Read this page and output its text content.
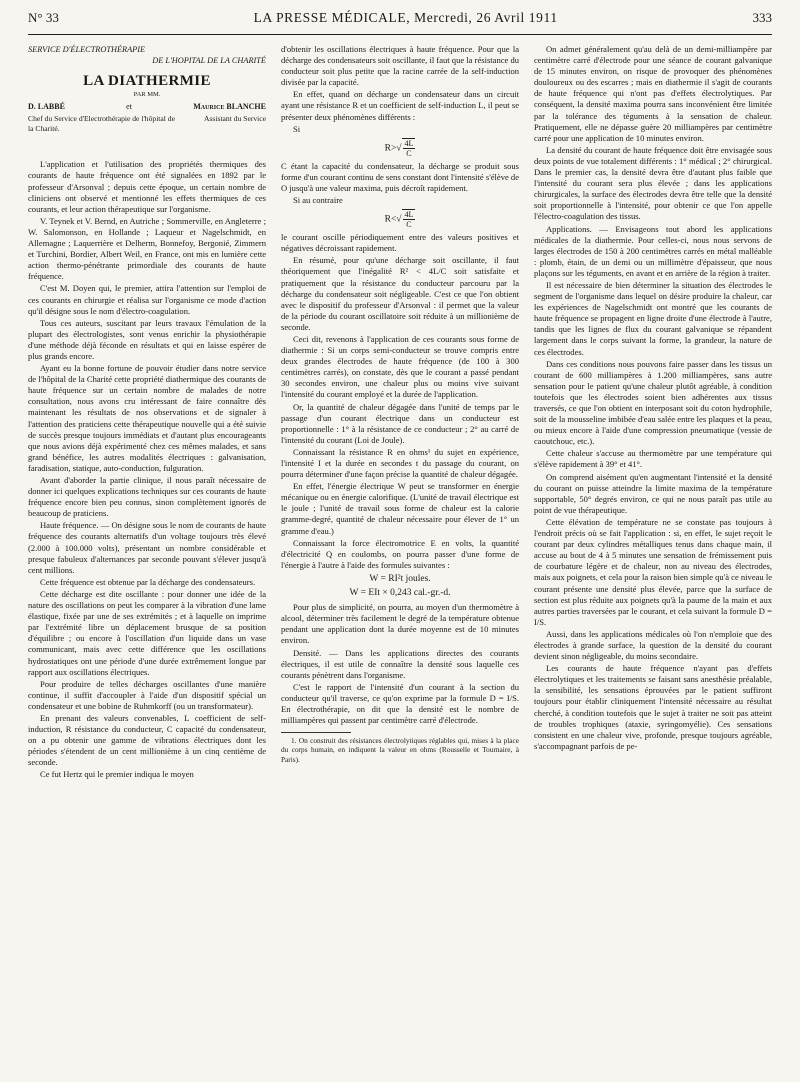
N° 33	LA PRESSE MÉDICALE, Mercredi, 26 Avril 1911	333
SERVICE D'ÉLECTROTHÉRAPIE
DE L'HOPITAL DE LA CHARITÉ
LA DIATHERMIE
PAR MM.
D. LABBÉ	et	Maurice BLANCHE
Chef du Service d'Electrothérapie de l'hôpital de la Charité.
Assistant du Service

L'application et l'utilisation des propriétés thermiques des courants de haute fréquence ont été signalées en 1892 par le professeur d'Arsonval ; depuis cette époque, un certain nombre de cliniciens ont observé et mentionné les effets thermiques de ces courants, et leur action thérapeutique sur l'organisme.

V. Teynek et V. Bernd, en Autriche ; Sommerville, en Angleterre ; W. Salomonson, en Hollande ; Laqueur et Nagelschmidt, en Allemagne ; Laquerrière et Delherm, Bonnefoy, Bergonié, Zimmern et Turchini, Bordier, Albert Weil, en France, ont mis en lumière cette action thermo-pénétrante primordiale des courants de haute fréquence.

C'est M. Doyen qui, le premier, attira l'attention sur l'emploi de ces courants en chirurgie et réalisa sur l'organisme ce mode d'action qu'il désigne sous le nom d'électro-coagulation.

Tous ces auteurs, suscitant par leurs travaux l'émulation de la plupart des électrologistes, sont venus enrichir la physiothérapie d'une méthode déjà féconde en résultats et qui en laisse espérer de plus grands encore.

Ayant eu la bonne fortune de pouvoir étudier dans notre service de l'hôpital de la Charité cette propriété diathermique des courants de haute fréquence sur un certain nombre de malades de notre consultation, nous avons cru intéressant de faire connaître dès maintenant les résultats de nos observations et de signaler à l'attention des praticiens cette thérapeutique nouvelle qui a été suivie de succès presque toujours immédiats et d'autant plus encourageants que nous avions déjà expérimenté chez ces mêmes malades, et sans grand bénéfice, les autres modalités électriques : galvanisation, faradisation, statique, auto-conduction, fulguration.

Avant d'aborder la partie clinique, il nous paraît nécessaire de donner ici quelques explications techniques sur ces courants de haute fréquence encore bien peu connus, sinon complètement ignorés de beaucoup de praticiens.

Haute fréquence. — On désigne sous le nom de courants de haute fréquence des courants alternatifs d'un voltage toujours très élevé (2.000 à 100.000 volts), présentant un nombre considérable et presque fabuleux d'alternances par seconde pouvant s'élever jusqu'à cent millions.

Cette fréquence est obtenue par la décharge des condensateurs.

Cette décharge est dite oscillante : pour donner une idée de la nature des oscillations on peut les comparer à la vibration d'une lame élastique, fixée par une de ses extrémités ; et à laquelle on imprime par l'extrémité libre un déplacement brusque de sa position d'équilibre ; ou encore à l'oscillation d'un liquide dans un vase communicant, mais avec cette différence que les oscillations hydrostatiques ont une période d'une durée extrêmement longue par rapport aux oscillations électriques.

Pour produire de telles décharges oscillantes d'une manière continue, il suffit d'accoupler à l'aide d'un dispositif spécial un condensateur et une bobine de Ruhmkorff (ou un transformateur).

En prenant des valeurs convenables, L coefficient de self-induction, R résistance du conducteur, C capacité du condensateur, on a pu obtenir une gamme de vibrations électriques dont les périodes s'étendent de un cent millionième à un cinq centième de seconde.

Ce fut Hertz qui le premier indiqua le moyen

d'obtenir les oscillations électriques à haute fréquence. Pour que la décharge des condensateurs soit oscillante, il faut que la résistance du conducteur soit plus petite que la racine carrée de la self-induction divisée par la capacité.

En effet, quand on décharge un condensateur dans un circuit ayant une résistance R et un coefficient de self-induction L, il peut se présenter deux phénomènes différents :

Si

$R>√ \frac{4L}{C}$

C étant la capacité du condensateur, la décharge se produit sous forme d'un courant continu de sens constant dont l'intensité s'élève de O jusqu'à une valeur maxima, puis décroît rapidement.

Si au contraire

$R<√ \frac{4L}{C}$

le courant oscille périodiquement entre des valeurs positives et négatives décroissant rapidement.

En résumé, pour qu'une décharge soit oscillante, il faut théoriquement que l'inégalité R² < 4L/C soit satisfaite et pratiquement que la résistance du conducteur parcouru par la décharge du condensateur soit négligeable. C'est ce que l'on obtient avec le dispositif du professeur d'Arsonval : il permet que la valeur de la période du courant oscillatoire soit réduite à un millionième de seconde.

Ceci dit, revenons à l'application de ces courants sous forme de diathermie : Si un corps semi-conducteur se trouve compris entre deux grandes électrodes de haute fréquence (de 100 à 300 centimètres carrés), on constate, dès que le courant a passé pendant 30 secondes environ, une chaleur plus ou moins vive suivant l'intensité du courant employé et la durée de l'application.

Or, la quantité de chaleur dégagée dans l'unité de temps par le passage d'un courant électrique dans un conducteur est proportionnelle : 1° à la résistance de ce conducteur ; 2° au carré de l'intensité du courant (Loi de Joule).

Connaissant la résistance R en ohms¹ du sujet en expérience, l'intensité I et la durée en secondes t du passage du courant, on pourra déterminer d'une façon précise la quantité de chaleur dégagée.

En effet, l'énergie électrique W peut se transformer en énergie mécanique ou en énergie calorifique. (L'unité de travail électrique est le joule ; l'unité de travail sous forme de chaleur est la calorie gramme-degré, quantité de chaleur nécessaire pour élever de 1° un gramme d'eau.)

Connaissant la force électromotrice E en volts, la quantité d'électricité Q en coulombs, on pourra passer d'une forme de l'énergie à l'autre à l'aide des formules suivantes :

W = RI²t joules.
W = EIt × 0,243 cal.-gr.-d.

Pour plus de simplicité, on pourra, au moyen d'un thermomètre à alcool, déterminer très facilement le degré de la température obtenue pendant une application dont la durée moyenne est de 10 minutes environ.

Densité. — Dans les applications directes des courants électriques, il est utile de connaître la densité sous laquelle ces courants pénètrent dans l'organisme.

C'est le rapport de l'intensité d'un courant à la section du conducteur qu'il traverse, ce qu'on exprime par la formule D = I/S. En électrothérapie, on dit que la densité est le nombre de milliampères qui passent par centimètre carré d'électrode.

1. On construit des résistances électrolytiques réglables qui, mises à la place du corps humain, en indiquent la valeur en ohms (Rousselle et Tournaire, à Paris).

On admet généralement qu'au delà de un demi-milliampère par centimètre carré d'électrode pour une séance de courant galvanique de 15 minutes environ, on risque de provoquer des phénomènes douloureux ou des escarres ; mais en diathermie il s'agit de courants de haute fréquence qui n'ont pas d'effets électrolytiques. Par conséquent, la densité maxima pourra sans inconvénient être limitée par la tolérance des téguments à la sensation de chaleur. Pratiquement, elle ne dépasse guère 20 milliampères par centimètre carré pour une application de 10 minutes environ.

La densité du courant de haute fréquence doit être envisagée sous deux points de vue totalement différents : 1° médical ; 2° chirurgical. Dans le premier cas, la densité devra être d'autant plus faible que l'intensité du courant sera plus élevée ; dans les applications chirurgicales, la surface des électrodes devra être telle que la densité soit proportionnelle à l'intensité, pour obtenir ce que l'on appelle l'électro-coagulation des tissus.

Applications. — Envisageons tout abord les applications médicales de la diathermie. Pour celles-ci, nous nous servons de larges électrodes de 150 à 200 centimètres carrés en métal malléable : plomb, étain, de un demi ou un millimètre d'épaisseur, que nous plaçons sur les téguments, en avant et en arrière de la région à traiter.

Il est nécessaire de bien déterminer la situation des électrodes le segment de l'organisme dans lequel on désire produire la chaleur, car les expériences de Nagelschmidt ont montré que les courants de haute fréquence se propagent en ligne droite d'une électrode à l'autre, tandis que les lignes de flux du courant galvanique se répandent largement dans le corps suivant la forme, la grandeur, la nature de ces électrodes.

Dans ces conditions nous pouvons faire passer dans les tissus un courant de 600 milliampères à 1.200 milliampères, sans autre sensation pour le patient qu'une chaleur plutôt agréable, à condition toutefois que les électrodes soient bien adhérentes aux tissus traversés, ce que l'on obtient en interposant soit du coton hydrophile, soit de la mousseline imbibée d'eau salée entre les plaques et la peau, ou mieux encore à l'aide d'une compression pneumatique (vessie de caoutchouc, etc.).

Cette chaleur s'accuse au thermomètre par une température qui s'élève rapidement à 39° et 41°.

On comprend aisément qu'en augmentant l'intensité et la densité du courant on puisse atteindre la limite maxima de la température supportable, 50° degrés environ, ce qui ne nous paraît pas utile au point de vue thérapeutique.

Cette élévation de température ne se constate pas toujours à l'endroit précis où se fait l'application : si, en effet, le sujet reçoit le courant par deux cylindres métalliques tenus dans chaque main, il accuse au bout de 4 à 5 minutes une sensation de frémissement puis de courbature légère et de chaleur, non au niveau des électrodes, mais aux poignets, et cela pour la raison bien simple qu'à ce niveau le courant présente une densité plus élevée, parce que la surface de section est plus réduite aux poignets qu'à la paume de la main et aux autres parties traversées par le courant, et cela suivant la formule D = I/S.

Aussi, dans les applications médicales où l'on n'emploie que des électrodes à grande surface, la question de la densité du courant devient sinon négligeable, du moins secondaire.

Les courants de haute fréquence n'ayant pas d'effets électrolytiques et les traitements se faisant sans anesthésie préalable, la sensibilité, les sensations éprouvées par le patient suffiront toujours pour établir cliniquement l'intensité nécessaire au résultat cherché, à condition toutefois que le sujet à traiter ne soit pas atteint de troubles trophiques (ataxie, syringomyélie). Ces sensations consistent en une chaleur vive, profonde, presque toujours agréable, s'accompagnant parfois de pe-
